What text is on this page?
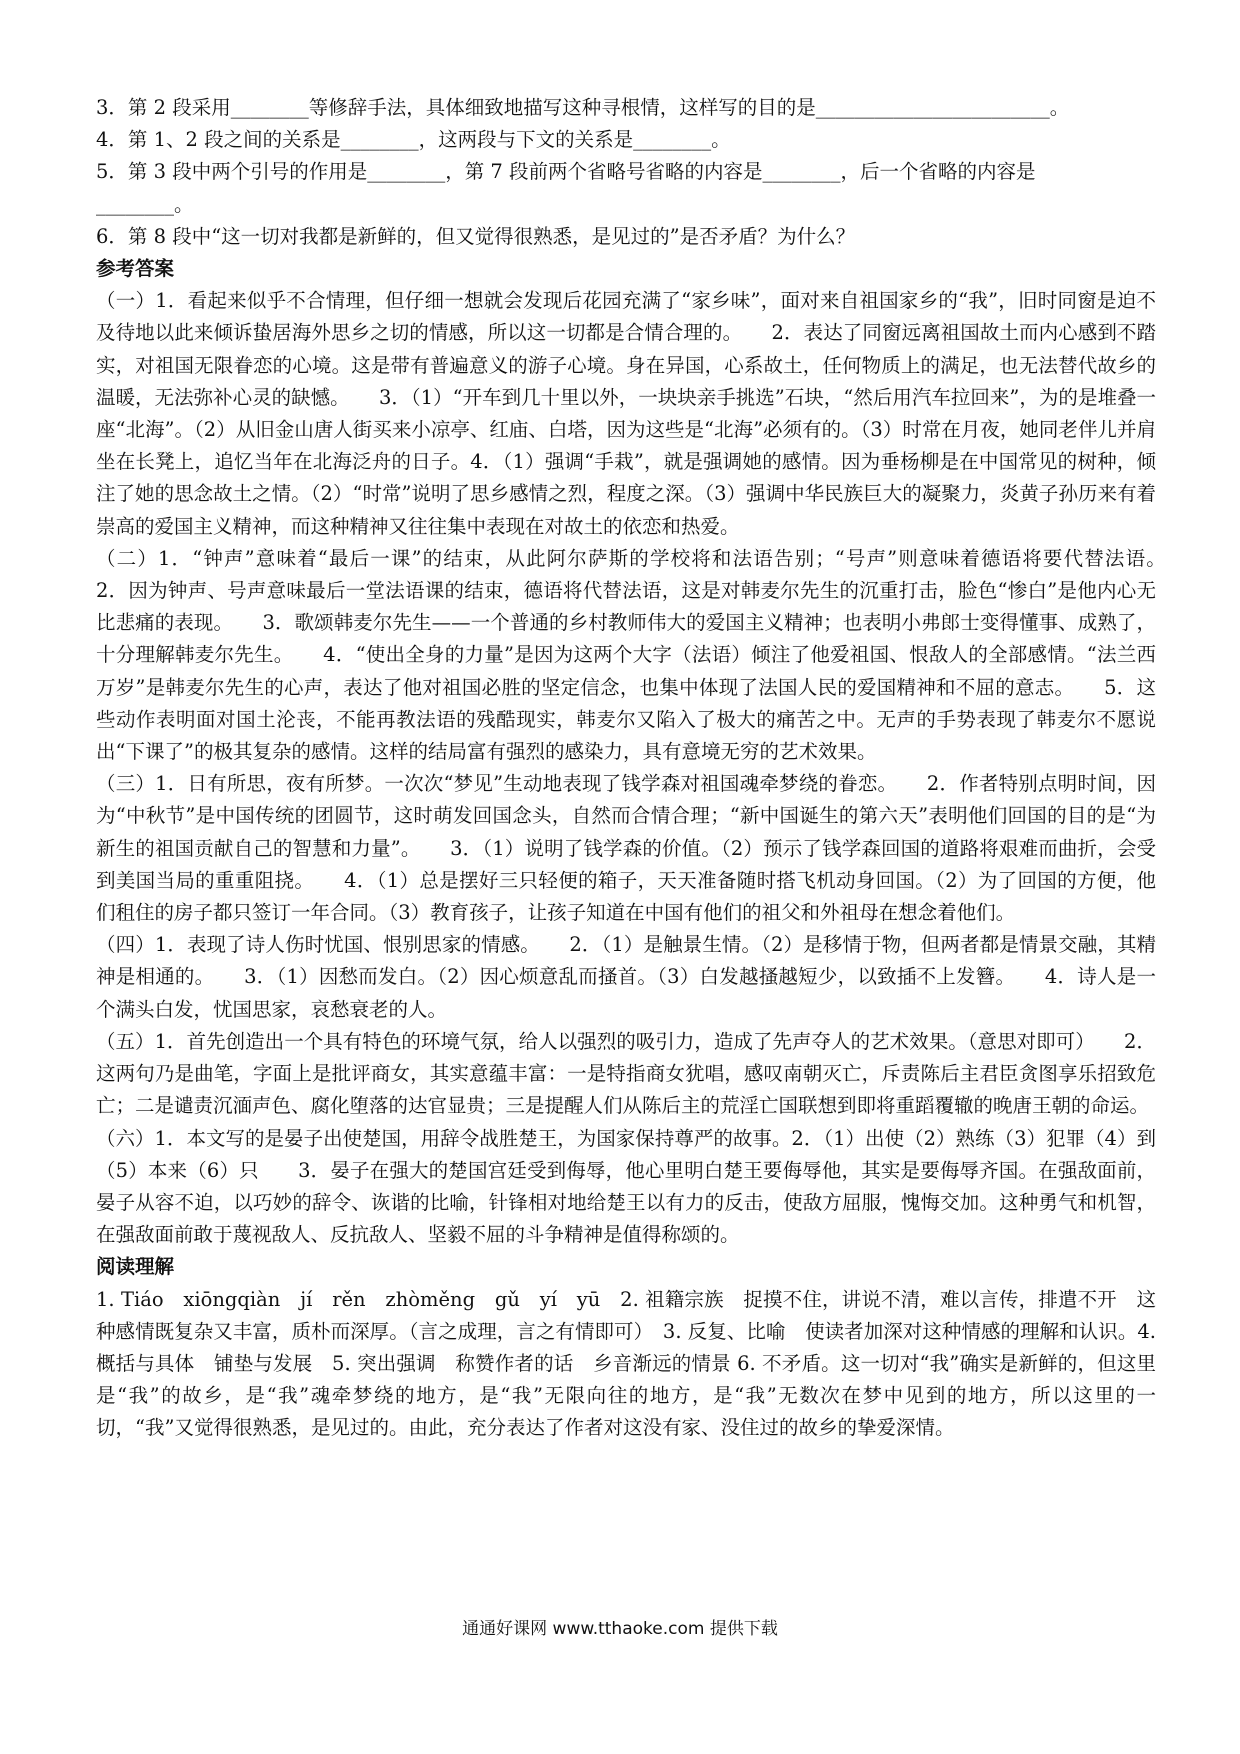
3．第 2 段采用________等修辞手法，具体细致地描写这种寻根情，这样写的目的是________________________。

4．第 1、2 段之间的关系是________，这两段与下文的关系是________。

5．第 3 段中两个引号的作用是________，第 7 段前两个省略号省略的内容是________，后一个省略的内容是

________。

6．第 8 段中“这一切对我都是新鲜的，但又觉得很熟悉，是见过的”是否矛盾？为什么？

参考答案

（一）1．看起来似乎不合情理，但仔细一想就会发现后花园充满了“家乡味”，面对来自祖国家乡的“我”，旧时同窗是迫不及待地以此来倾诉蛰居海外思乡之切的情感，所以这一切都是合情合理的。　　2．表达了同窗远离祖国故土而内心感到不踏实，对祖国无限眷恋的心境。这是带有普遍意义的游子心境。身在异国，心系故土，任何物质上的满足，也无法替代故乡的温暖，无法弥补心灵的缺憾。　　3．（1）“开车到几十里以外，一块块亲手挑选”石块，“然后用汽车拉回来”，为的是堆叠一座“北海”。（2）从旧金山唐人街买来小凉亭、红庙、白塔，因为这些是“北海”必须有的。（3）时常在月夜，她同老伴儿并肩坐在长凳上，追忆当年在北海泛舟的日子。4．（1）强调“手栽”，就是强调她的感情。因为垂杨柳是在中国常见的树种，倾注了她的思念故土之情。（2）“时常”说明了思乡感情之烈，程度之深。（3）强调中华民族巨大的凝聚力，炎黄子孙历来有着崇高的爱国主义精神，而这种精神又往往集中表现在对故土的依恋和热爱。

（二）1．“钟声”意味着“最后一课”的结束，从此阿尔萨斯的学校将和法语告别；“号声”则意味着德语将要代替法语。　　2．因为钟声、号声意味最后一堂法语课的结束，德语将代替法语，这是对韩麦尔先生的沉重打击，脸色“惨白”是他内心无比悲痛的表现。　　3．歌颂韩麦尔先生——一个普通的乡村教师伟大的爱国主义精神；也表明小弗郎士变得懂事、成熟了，十分理解韩麦尔先生。　　4．“使出全身的力量”是因为这两个大字（法语）倾注了他爱祖国、恨敌人的全部感情。“法兰西万岁”是韩麦尔先生的心声，表达了他对祖国必胜的坚定信念，也集中体现了法国人民的爱国精神和不屈的意志。　　5．这些动作表明面对国土沦丧，不能再教法语的残酷现实，韩麦尔又陷入了极大的痛苦之中。无声的手势表现了韩麦尔不愿说出“下课了”的极其复杂的感情。这样的结局富有强烈的感染力，具有意境无穷的艺术效果。

（三）1．日有所思，夜有所梦。一次次“梦见”生动地表现了钱学森对祖国魂牵梦绕的眷恋。　　2．作者特别点明时间，因为“中秋节”是中国传统的团圆节，这时萌发回国念头，自然而合情合理；“新中国诞生的第六天”表明他们回国的目的是“为新生的祖国贡献自己的智慧和力量”。　　3．（1）说明了钱学森的价值。（2）预示了钱学森回国的道路将艰难而曲折，会受到美国当局的重重阻挠。　　4．（1）总是摆好三只轻便的箱子，天天准备随时搭飞机动身回国。（2）为了回国的方便，他们租住的房子都只签订一年合同。（3）教育孩子，让孩子知道在中国有他们的祖父和外祖母在想念着他们。

（四）1．表现了诗人伤时忧国、恨别思家的情感。　　2．（1）是触景生情。（2）是移情于物，但两者都是情景交融，其精神是相通的。　　3．（1）因愁而发白。（2）因心烦意乱而搔首。（3）白发越搔越短少，以致插不上发簪。　　4．诗人是一个满头白发，忧国思家，哀愁衰老的人。

（五）1．首先创造出一个具有特色的环境气氛，给人以强烈的吸引力，造成了先声夺人的艺术效果。（意思对即可）　　2．这两句乃是曲笔，字面上是批评商女，其实意蕴丰富：一是特指商女犹唱，感叹南朝灭亡，斥责陈后主君臣贪图享乐招致危亡；二是谴责沉湎声色、腐化堕落的达官显贵；三是提醒人们从陈后主的荒淫亡国联想到即将重蹈覆辙的晚唐王朝的命运。

（六）1．本文写的是晏子出使楚国，用辞令战胜楚王，为国家保持尊严的故事。2．（1）出使（2）熟练（3）犯罪（4）到（5）本来（6）只　　3．晏子在强大的楚国宫廷受到侮辱，他心里明白楚王要侮辱他，其实是要侮辱齐国。在强敌面前，晏子从容不迫，以巧妙的辞令、诙谐的比喻，针锋相对地给楚王以有力的反击，使敌方屈服，愧悔交加。这种勇气和机智，在强敌面前敢于蔑视敌人、反抗敌人、坚毅不屈的斗争精神是值得称颂的。

阅读理解

1. Tiáo　xiōngqiàn　jí　rěn　zhòměng　gǔ　yí　yū　2. 祖籍宗族　捉摸不住，讲说不清，难以言传，排遣不开　这种感情既复杂又丰富，质朴而深厚。（言之成理，言之有情即可）　3. 反复、比喻　使读者加深对这种情感的理解和认识。4. 概括与具体　铺垫与发展　5. 突出强调　称赞作者的话　乡音渐远的情景 6. 不矛盾。这一切对“我”确实是新鲜的，但这里是“我”的故乡，是“我”魂牵梦绕的地方，是“我”无限向往的地方，是“我”无数次在梦中见到的地方，所以这里的一切，“我”又觉得很熟悉，是见过的。由此，充分表达了作者对这没有家、没住过的故乡的挚爱深情。

通通好课网 www.tthaoke.com 提供下载
